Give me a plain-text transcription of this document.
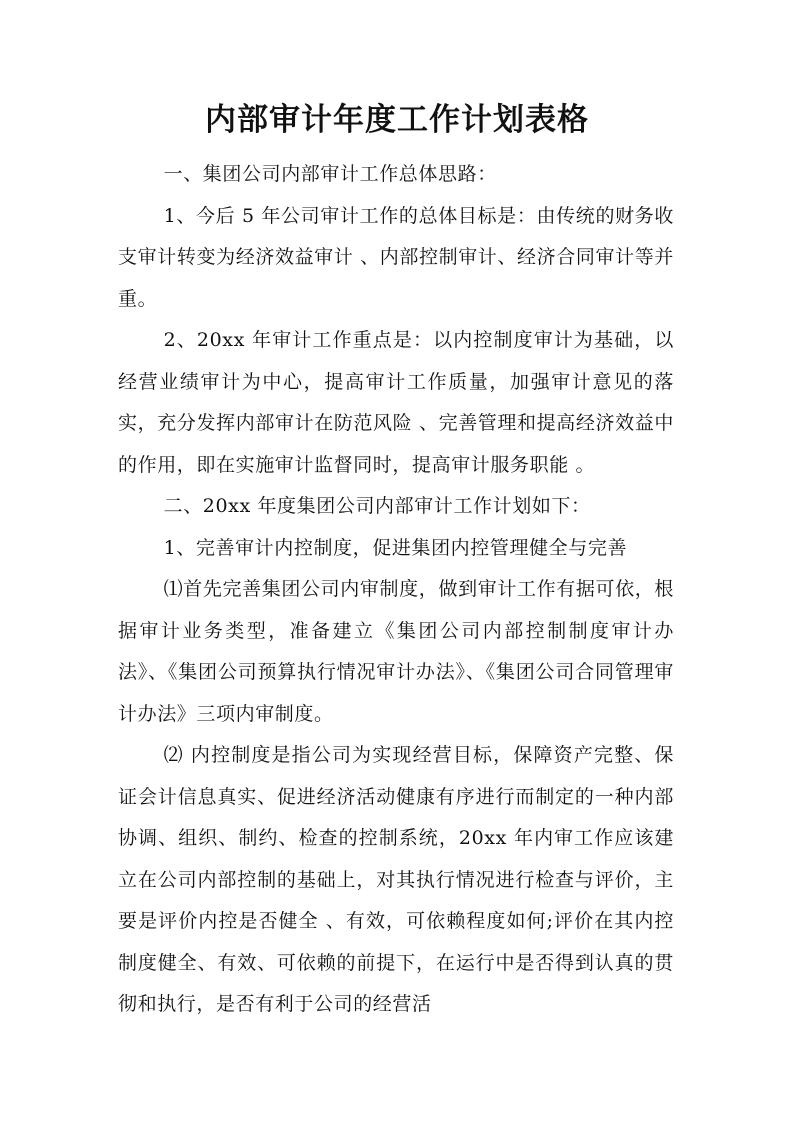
内部审计年度工作计划表格

一、集团公司内部审计工作总体思路：

1、今后 5 年公司审计工作的总体目标是：由传统的财务收支审计转变为经济效益审计 、内部控制审计、经济合同审计等并重。

2、20xx 年审计工作重点是：以内控制度审计为基础，以经营业绩审计为中心，提高审计工作质量，加强审计意见的落实，充分发挥内部审计在防范风险 、完善管理和提高经济效益中的作用，即在实施审计监督同时，提高审计服务职能 。

二、20xx 年度集团公司内部审计工作计划如下：

1、完善审计内控制度，促进集团内控管理健全与完善

⑴首先完善集团公司内审制度，做到审计工作有据可依，根据审计业务类型，准备建立《集团公司内部控制制度审计办法》、《集团公司预算执行情况审计办法》、《集团公司合同管理审计办法》三项内审制度。

⑵ 内控制度是指公司为实现经营目标，保障资产完整、保证会计信息真实、促进经济活动健康有序进行而制定的一种内部协调、组织、制约、检查的控制系统，20xx 年内审工作应该建立在公司内部控制的基础上，对其执行情况进行检查与评价，主要是评价内控是否健全 、有效，可依赖程度如何;评价在其内控制度健全、有效、可依赖的前提下，在运行中是否得到认真的贯彻和执行，是否有利于公司的经营活
